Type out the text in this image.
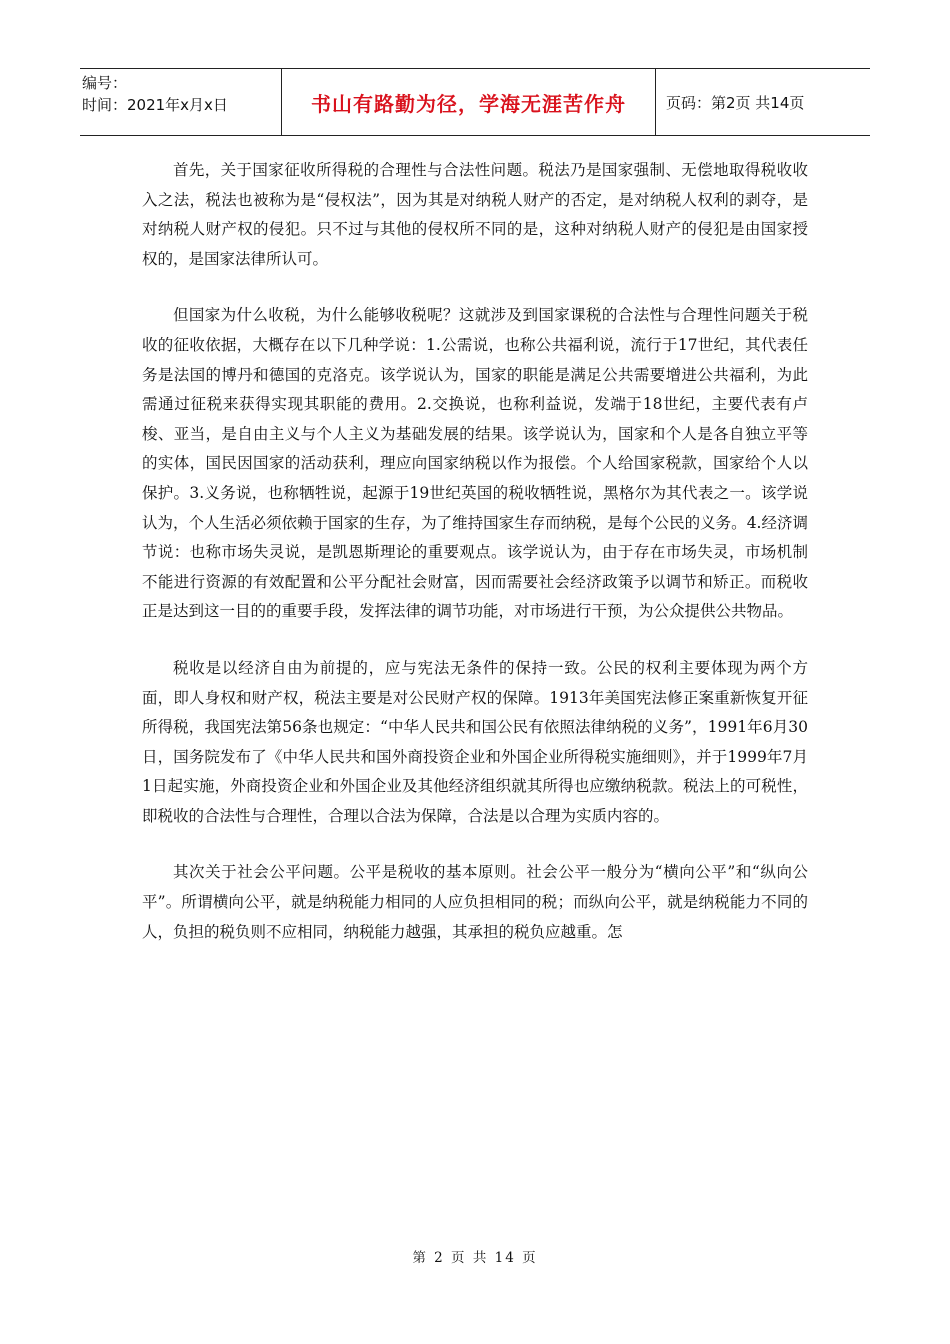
编号：
时间：2021年x月x日	书山有路勤为径，学海无涯苦作舟	页码：第2页 共14页

首先，关于国家征收所得税的合理性与合法性问题。税法乃是国家强制、无偿地取得税收收入之法，税法也被称为是“侵权法”，因为其是对纳税人财产的否定，是对纳税人权利的剥夺，是对纳税人财产权的侵犯。只不过与其他的侵权所不同的是，这种对纳税人财产的侵犯是由国家授权的，是国家法律所认可。

但国家为什么收税，为什么能够收税呢？这就涉及到国家课税的合法性与合理性问题关于税收的征收依据，大概存在以下几种学说：1.公需说，也称公共福利说，流行于17世纪，其代表任务是法国的博丹和德国的克洛克。该学说认为，国家的职能是满足公共需要增进公共福利，为此需通过征税来获得实现其职能的费用。2.交换说，也称利益说，发端于18世纪，主要代表有卢梭、亚当，是自由主义与个人主义为基础发展的结果。该学说认为，国家和个人是各自独立平等的实体，国民因国家的活动获利，理应向国家纳税以作为报偿。个人给国家税款，国家给个人以保护。3.义务说，也称牺牲说，起源于19世纪英国的税收牺牲说，黑格尔为其代表之一。该学说认为，个人生活必须依赖于国家的生存，为了维持国家生存而纳税，是每个公民的义务。4.经济调节说：也称市场失灵说，是凯恩斯理论的重要观点。该学说认为，由于存在市场失灵，市场机制不能进行资源的有效配置和公平分配社会财富，因而需要社会经济政策予以调节和矫正。而税收正是达到这一目的的重要手段，发挥法律的调节功能，对市场进行干预，为公众提供公共物品。

税收是以经济自由为前提的，应与宪法无条件的保持一致。公民的权利主要体现为两个方面，即人身权和财产权，税法主要是对公民财产权的保障。1913年美国宪法修正案重新恢复开征所得税，我国宪法第56条也规定：“中华人民共和国公民有依照法律纳税的义务”，1991年6月30日，国务院发布了《中华人民共和国外商投资企业和外国企业所得税实施细则》，并于1999年7月1日起实施，外商投资企业和外国企业及其他经济组织就其所得也应缴纳税款。税法上的可税性，即税收的合法性与合理性，合理以合法为保障，合法是以合理为实质内容的。

其次关于社会公平问题。公平是税收的基本原则。社会公平一般分为“横向公平”和“纵向公平”。所谓横向公平，就是纳税能力相同的人应负担相同的税；而纵向公平，就是纳税能力不同的人，负担的税负则不应相同，纳税能力越强，其承担的税负应越重。怎

第 2 页 共 14 页
